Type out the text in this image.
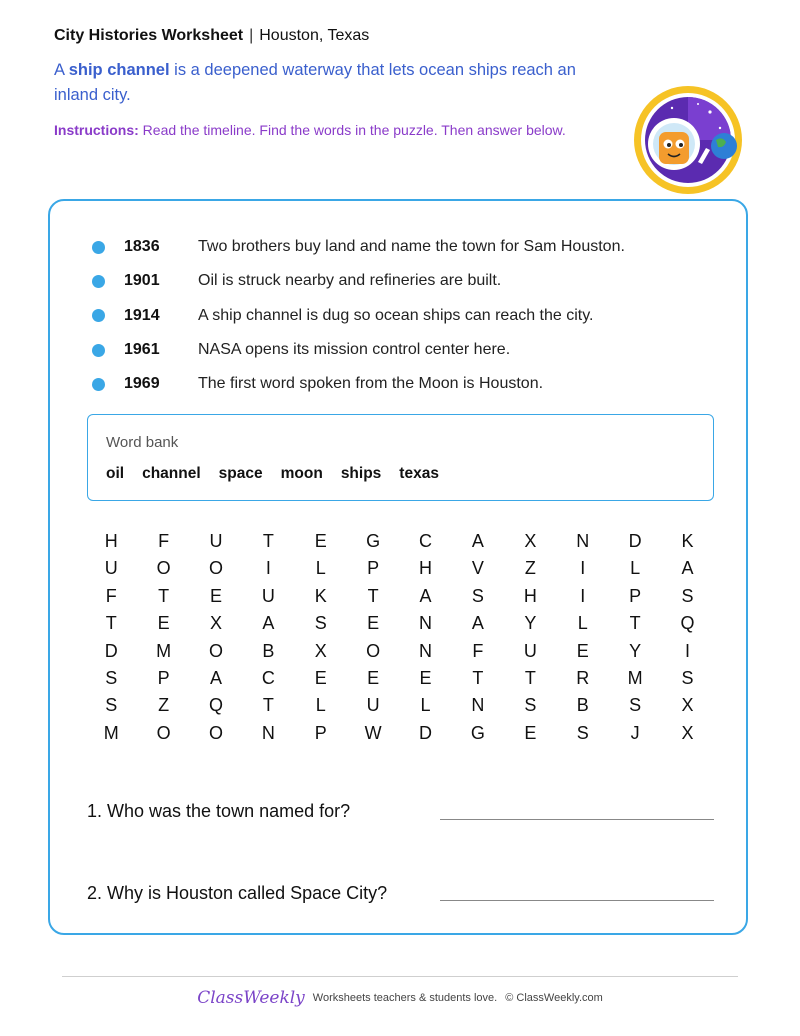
City Histories Worksheet | Houston, Texas
A ship channel is a deepened waterway that lets ocean ships reach an inland city.
Instructions: Read the timeline. Find the words in the puzzle. Then answer below.
1836	Two brothers buy land and name the town for Sam Houston.
1901	Oil is struck nearby and refineries are built.
1914	A ship channel is dug so ocean ships can reach the city.
1961	NASA opens its mission control center here.
1969	The first word spoken from the Moon is Houston.
Word bank
oil channel space moon ships texas
H	F	U	T	E	G	C	A	X	N	D	K
U	O	O	I	L	P	H	V	Z	I	L	A
F	T	E	U	K	T	A	S	H	I	P	S
T	E	X	A	S	E	N	A	Y	L	T	Q
D	M	O	B	X	O	N	F	U	E	Y	I
S	P	A	C	E	E	E	T	T	R	M	S
S	Z	Q	T	L	U	L	N	S	B	S	X
M	O	O	N	P	W	D	G	E	S	J	X
1. Who was the town named for?
2. Why is Houston called Space City?
ClassWeekly Worksheets teachers & students love. © ClassWeekly.com
